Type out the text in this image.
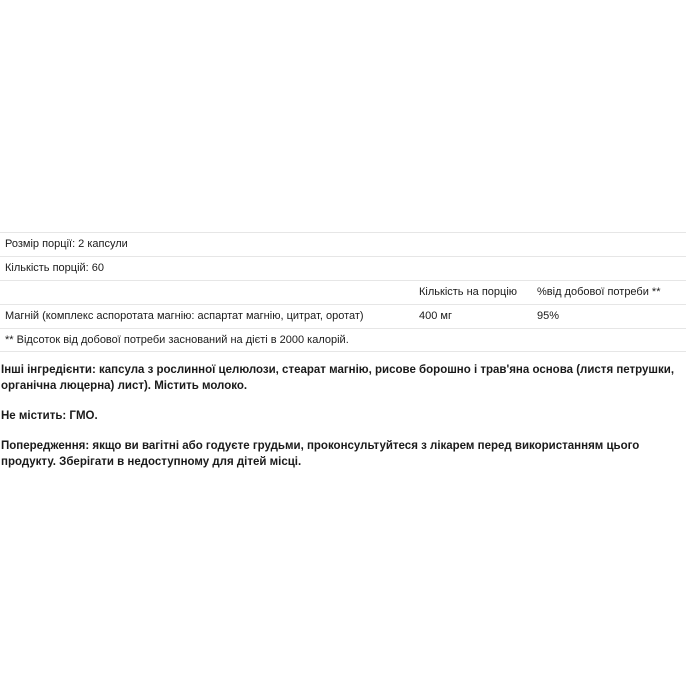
Розмір порції: 2 капсули
Кількість порцій: 60
Кількість на порцію %від добової потреби **
Магній (комплекс аспоротата магнію: аспартат магнію, цитрат, оротат)	400 мг	95%
** Відсоток від добової потреби заснований на дієті в 2000 калорій.

Інші інгредієнти: капсула з рослинної целюлози, стеарат магнію, рисове борошно і трав'яна основа (листя петрушки, органічна люцерна) лист). Містить молоко.

Не містить: ГМО.

Попередження: якщо ви вагітні або годуєте грудьми, проконсультуйтеся з лікарем перед використанням цього продукту. Зберігати в недоступному для дітей місці.
